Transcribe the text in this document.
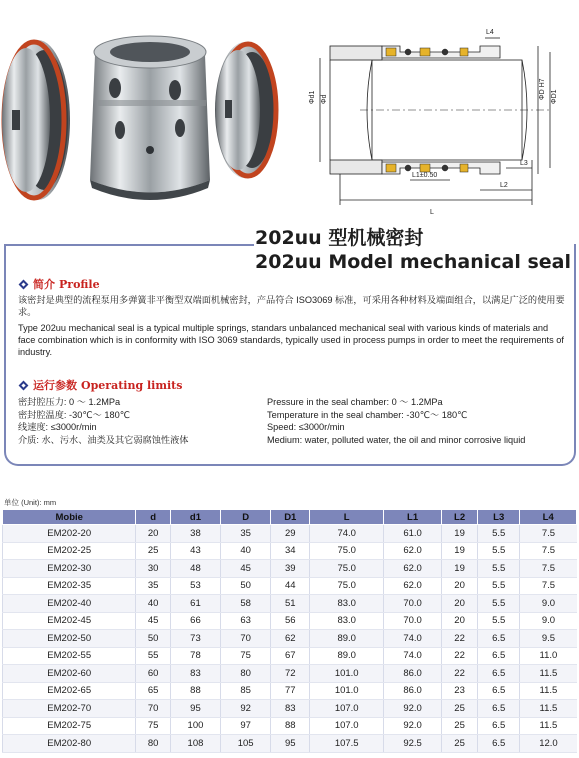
L4
L1±0.50
L
L2
L3
Φd1 Φd	ΦD H7 ΦD1
202uu 型机械密封
202uu Model mechanical seal
简介 Profile
该密封是典型的流程泵用多弹簧非平衡型双端面机械密封，产品符合 ISO3069 标准，可采用各种材料及端面组合，以满足广泛的使用要求。
Type 202uu mechanical seal is a typical multiple springs, standars unbalanced mechanical seal with various kinds of materials and face combination which is in conformity with ISO 3069 standards, typically used in process pumps in order to meet the requirements of industry.
运行参数 Operating limits
密封腔压力: 0 ～ 1.2MPa
密封腔温度: -30℃～ 180℃
线速度: ≤3000r/min
介质: 水、污水、油类及其它弱腐蚀性液体
Pressure in the seal chamber: 0 ～ 1.2MPa
Temperature in the seal chamber: -30℃～ 180℃
Speed: ≤3000r/min
Medium: water, polluted water, the oil and minor corrosive liquid
单位 (Unit): mm
Mobie	d	d1	D	D1	L	L1	L2	L3	L4
EM202-20	20	38	35	29	74.0	61.0	19	5.5	7.5
EM202-25	25	43	40	34	75.0	62.0	19	5.5	7.5
EM202-30	30	48	45	39	75.0	62.0	19	5.5	7.5
EM202-35	35	53	50	44	75.0	62.0	20	5.5	7.5
EM202-40	40	61	58	51	83.0	70.0	20	5.5	9.0
EM202-45	45	66	63	56	83.0	70.0	20	5.5	9.0
EM202-50	50	73	70	62	89.0	74.0	22	6.5	9.5
EM202-55	55	78	75	67	89.0	74.0	22	6.5	11.0
EM202-60	60	83	80	72	101.0	86.0	22	6.5	11.5
EM202-65	65	88	85	77	101.0	86.0	23	6.5	11.5
EM202-70	70	95	92	83	107.0	92.0	25	6.5	11.5
EM202-75	75	100	97	88	107.0	92.0	25	6.5	11.5
EM202-80	80	108	105	95	107.5	92.5	25	6.5	12.0
